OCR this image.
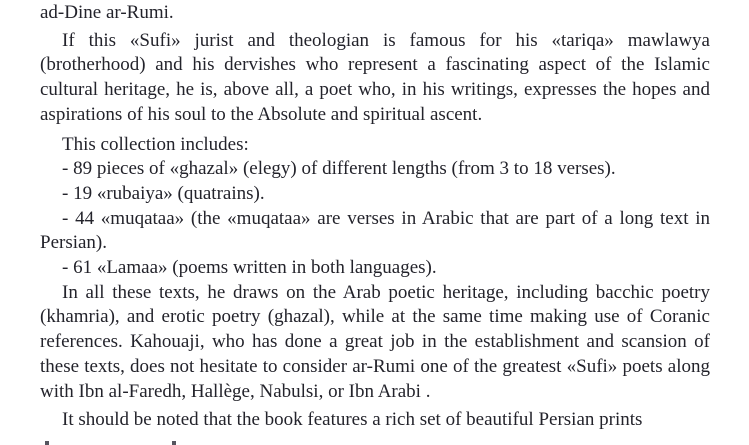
ad-Dine ar-Rumi.

If this «Sufi» jurist and theologian is famous for his «tariqa» mawlawya (brotherhood) and his dervishes who represent a fascinating aspect of the Islamic cultural heritage, he is, above all, a poet who, in his writings, expresses the hopes and aspirations of his soul to the Absolute and spiritual ascent.

This collection includes:

- 89 pieces of «ghazal» (elegy) of different lengths (from 3 to 18 verses).

- 19 «rubaiya» (quatrains).

- 44 «muqataa» (the «muqataa» are verses in Arabic that are part of a long text in Persian).

- 61 «Lamaa» (poems written in both languages).

In all these texts, he draws on the Arab poetic heritage, including bacchic poetry (khamria), and erotic poetry (ghazal), while at the same time making use of Coranic references. Kahouaji, who has done a great job in the establishment and scansion of these texts, does not hesitate to consider ar-Rumi one of the greatest «Sufi» poets along with Ibn al-Faredh, Hallège, Nabulsi, or Ibn Arabi .

It should be noted that the book features a rich set of beautiful Persian prints
